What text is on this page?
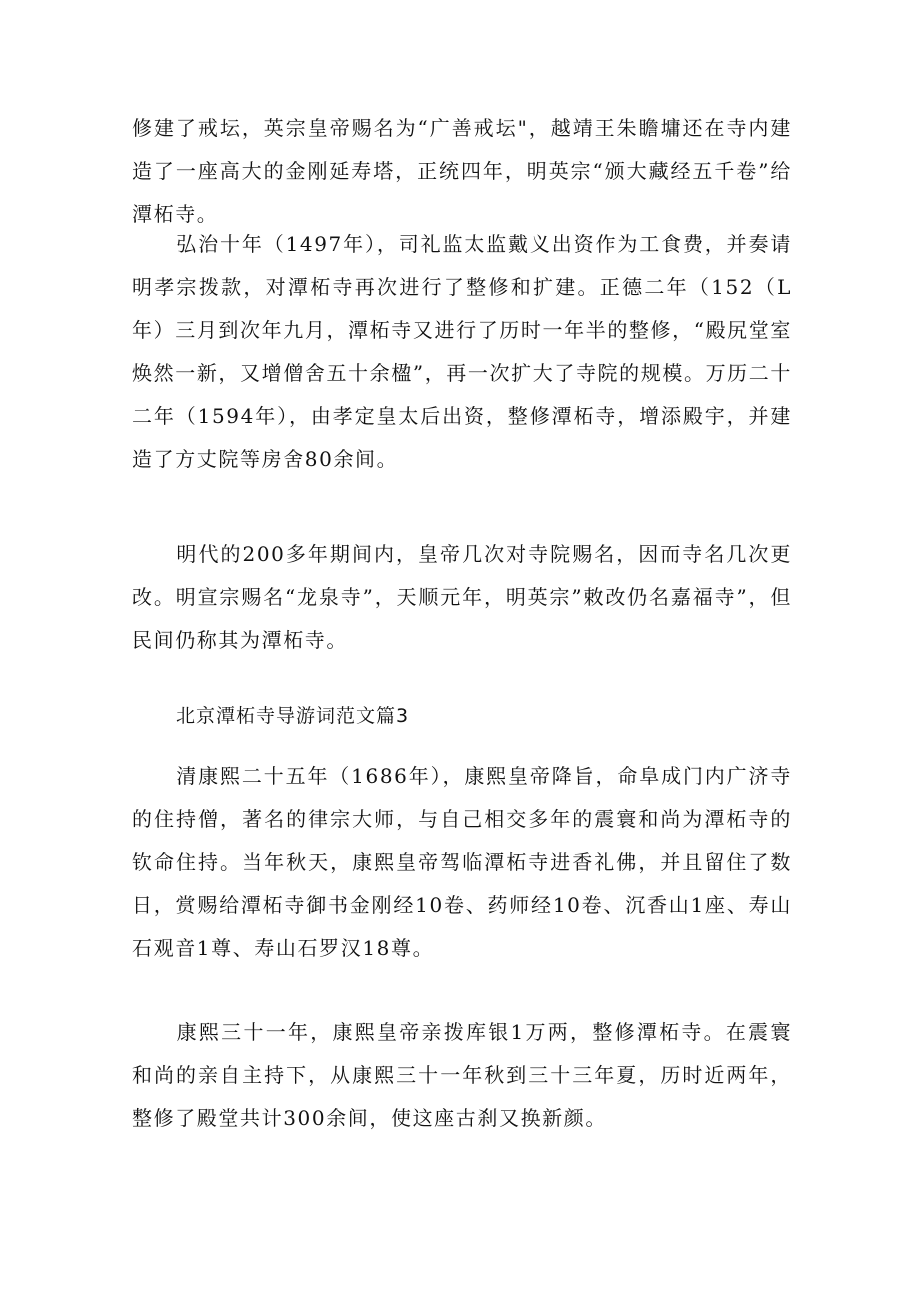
修建了戒坛，英宗皇帝赐名为“广善戒坛"，越靖王朱瞻墉还在寺内建造了一座高大的金刚延寿塔，正统四年，明英宗“颁大藏经五千卷”给潭柘寺。

弘治十年（1497年），司礼监太监戴义出资作为工食费，并奏请明孝宗拨款，对潭柘寺再次进行了整修和扩建。正德二年（152（L年）三月到次年九月，潭柘寺又进行了历时一年半的整修，“殿尻堂室焕然一新，又增僧舍五十余楹”，再一次扩大了寺院的规模。万历二十二年（1594年），由孝定皇太后出资，整修潭柘寺，增添殿宇，并建造了方丈院等房舍80余间。

明代的200多年期间内，皇帝几次对寺院赐名，因而寺名几次更改。明宣宗赐名“龙泉寺”，天顺元年，明英宗”敕改仍名嘉福寺”，但民间仍称其为潭柘寺。

北京潭柘寺导游词范文篇3

清康熙二十五年（1686年），康熙皇帝降旨，命阜成门内广济寺的住持僧，著名的律宗大师，与自己相交多年的震寰和尚为潭柘寺的钦命住持。当年秋天，康熙皇帝驾临潭柘寺进香礼佛，并且留住了数日，赏赐给潭柘寺御书金刚经10卷、药师经10卷、沉香山1座、寿山石观音1尊、寿山石罗汉18尊。

康熙三十一年，康熙皇帝亲拨库银1万两，整修潭柘寺。在震寰和尚的亲自主持下，从康熙三十一年秋到三十三年夏，历时近两年，整修了殿堂共计300余间，使这座古刹又换新颜。
